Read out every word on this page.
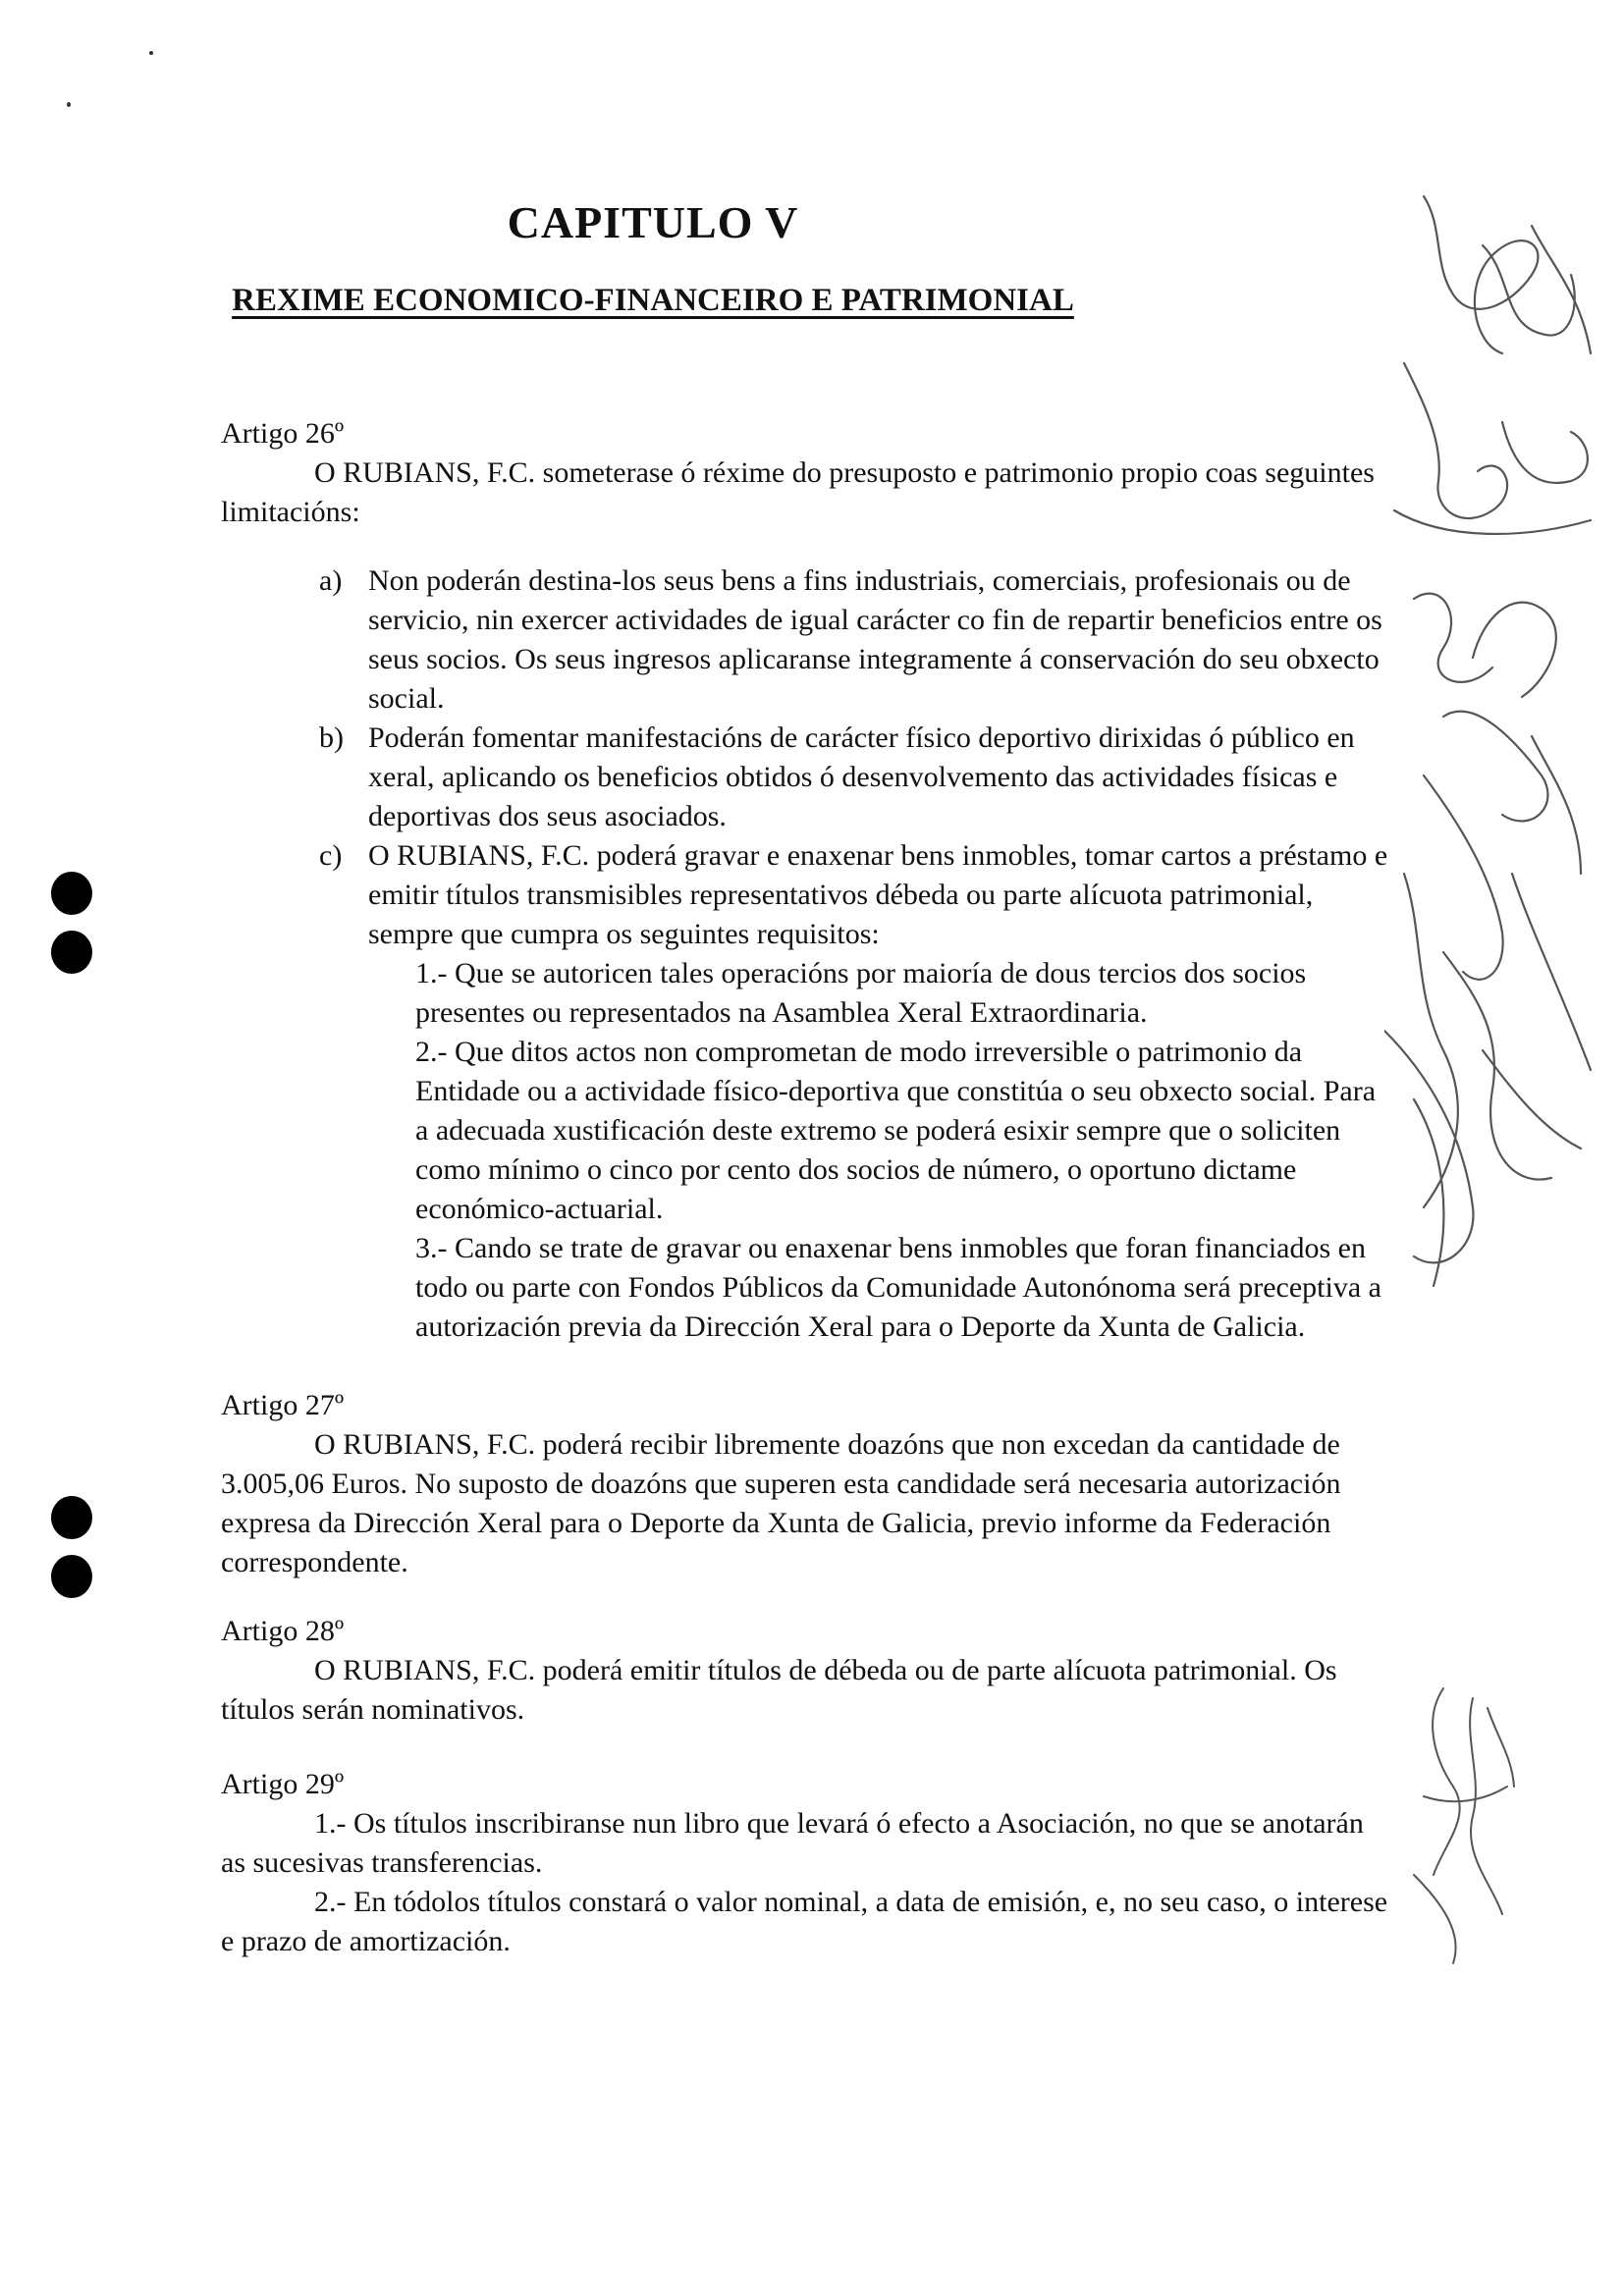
CAPITULO V
REXIME ECONOMICO-FINANCEIRO E PATRIMONIAL

Artigo 26º

O RUBIANS, F.C. someterase ó réxime do presuposto e patrimonio propio coas seguintes limitacións:

a) Non poderán destina-los seus bens a fins industriais, comerciais, profesionais ou de servicio, nin exercer actividades de igual carácter co fin de repartir beneficios entre os seus socios. Os seus ingresos aplicaranse integramente á conservación do seu obxecto social.
b) Poderán fomentar manifestacións de carácter físico deportivo dirixidas ó público en xeral, aplicando os beneficios obtidos ó desenvolvemento das actividades físicas e deportivas dos seus asociados.
c) O RUBIANS, F.C. poderá gravar e enaxenar bens inmobles, tomar cartos a préstamo e emitir títulos transmisibles representativos débeda ou parte alícuota patrimonial, sempre que cumpra os seguintes requisitos:
1.- Que se autoricen tales operacións por maioría de dous tercios dos socios presentes ou representados na Asamblea Xeral Extraordinaria.
2.- Que ditos actos non comprometan de modo irreversible o patrimonio da Entidade ou a actividade físico-deportiva que constitúa o seu obxecto social. Para a adecuada xustificación deste extremo se poderá esixir sempre que o soliciten como mínimo o cinco por cento dos socios de número, o oportuno dictame económico-actuarial.
3.- Cando se trate de gravar ou enaxenar bens inmobles que foran financiados en todo ou parte con Fondos Públicos da Comunidade Autonónoma será preceptiva a autorización previa da Dirección Xeral para o Deporte da Xunta de Galicia.

Artigo 27º

O RUBIANS, F.C. poderá recibir libremente doazóns que non excedan da cantidade de 3.005,06 Euros. No suposto de doazóns que superen esta candidade será necesaria autorización expresa da Dirección Xeral para o Deporte da Xunta de Galicia, previo informe da Federación correspondente.

Artigo 28º

O RUBIANS, F.C. poderá emitir títulos de débeda ou de parte alícuota patrimonial. Os títulos serán nominativos.

Artigo 29º

1.- Os títulos inscribiranse nun libro que levará ó efecto a Asociación, no que se anotarán as sucesivas transferencias.

2.- En tódolos títulos constará o valor nominal, a data de emisión, e, no seu caso, o interese e prazo de amortización.
